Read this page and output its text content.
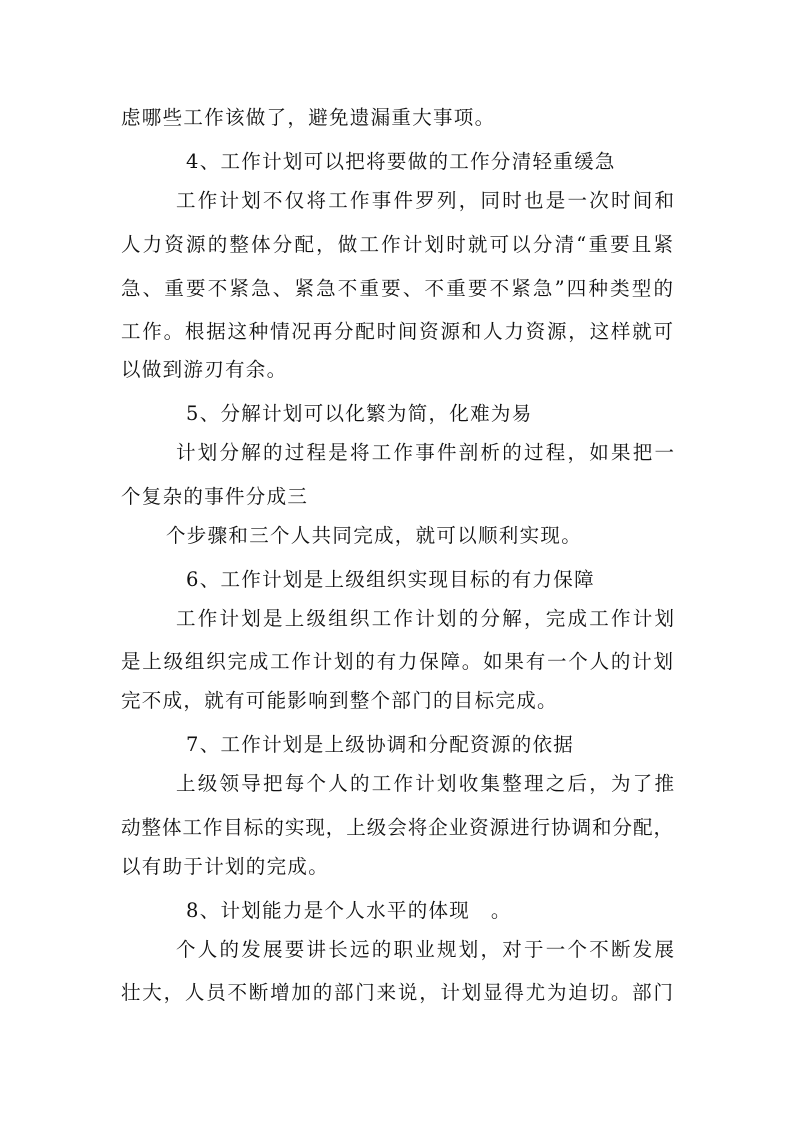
虑哪些工作该做了，避免遗漏重大事项。
4、工作计划可以把将要做的工作分清轻重缓急
工作计划不仅将工作事件罗列，同时也是一次时间和
人力资源的整体分配，做工作计划时就可以分清“重要且紧
急、重要不紧急、紧急不重要、不重要不紧急”四种类型的
工作。根据这种情况再分配时间资源和人力资源，这样就可
以做到游刃有余。
5、分解计划可以化繁为简，化难为易
计划分解的过程是将工作事件剖析的过程，如果把一
个复杂的事件分成三
个步骤和三个人共同完成，就可以顺利实现。
6、工作计划是上级组织实现目标的有力保障
工作计划是上级组织工作计划的分解，完成工作计划
是上级组织完成工作计划的有力保障。如果有一个人的计划
完不成，就有可能影响到整个部门的目标完成。
7、工作计划是上级协调和分配资源的依据
上级领导把每个人的工作计划收集整理之后，为了推
动整体工作目标的实现，上级会将企业资源进行协调和分配，
以有助于计划的完成。
8、计划能力是个人水平的体现　。
个人的发展要讲长远的职业规划，对于一个不断发展
壮大，人员不断增加的部门来说，计划显得尤为迫切。部门
